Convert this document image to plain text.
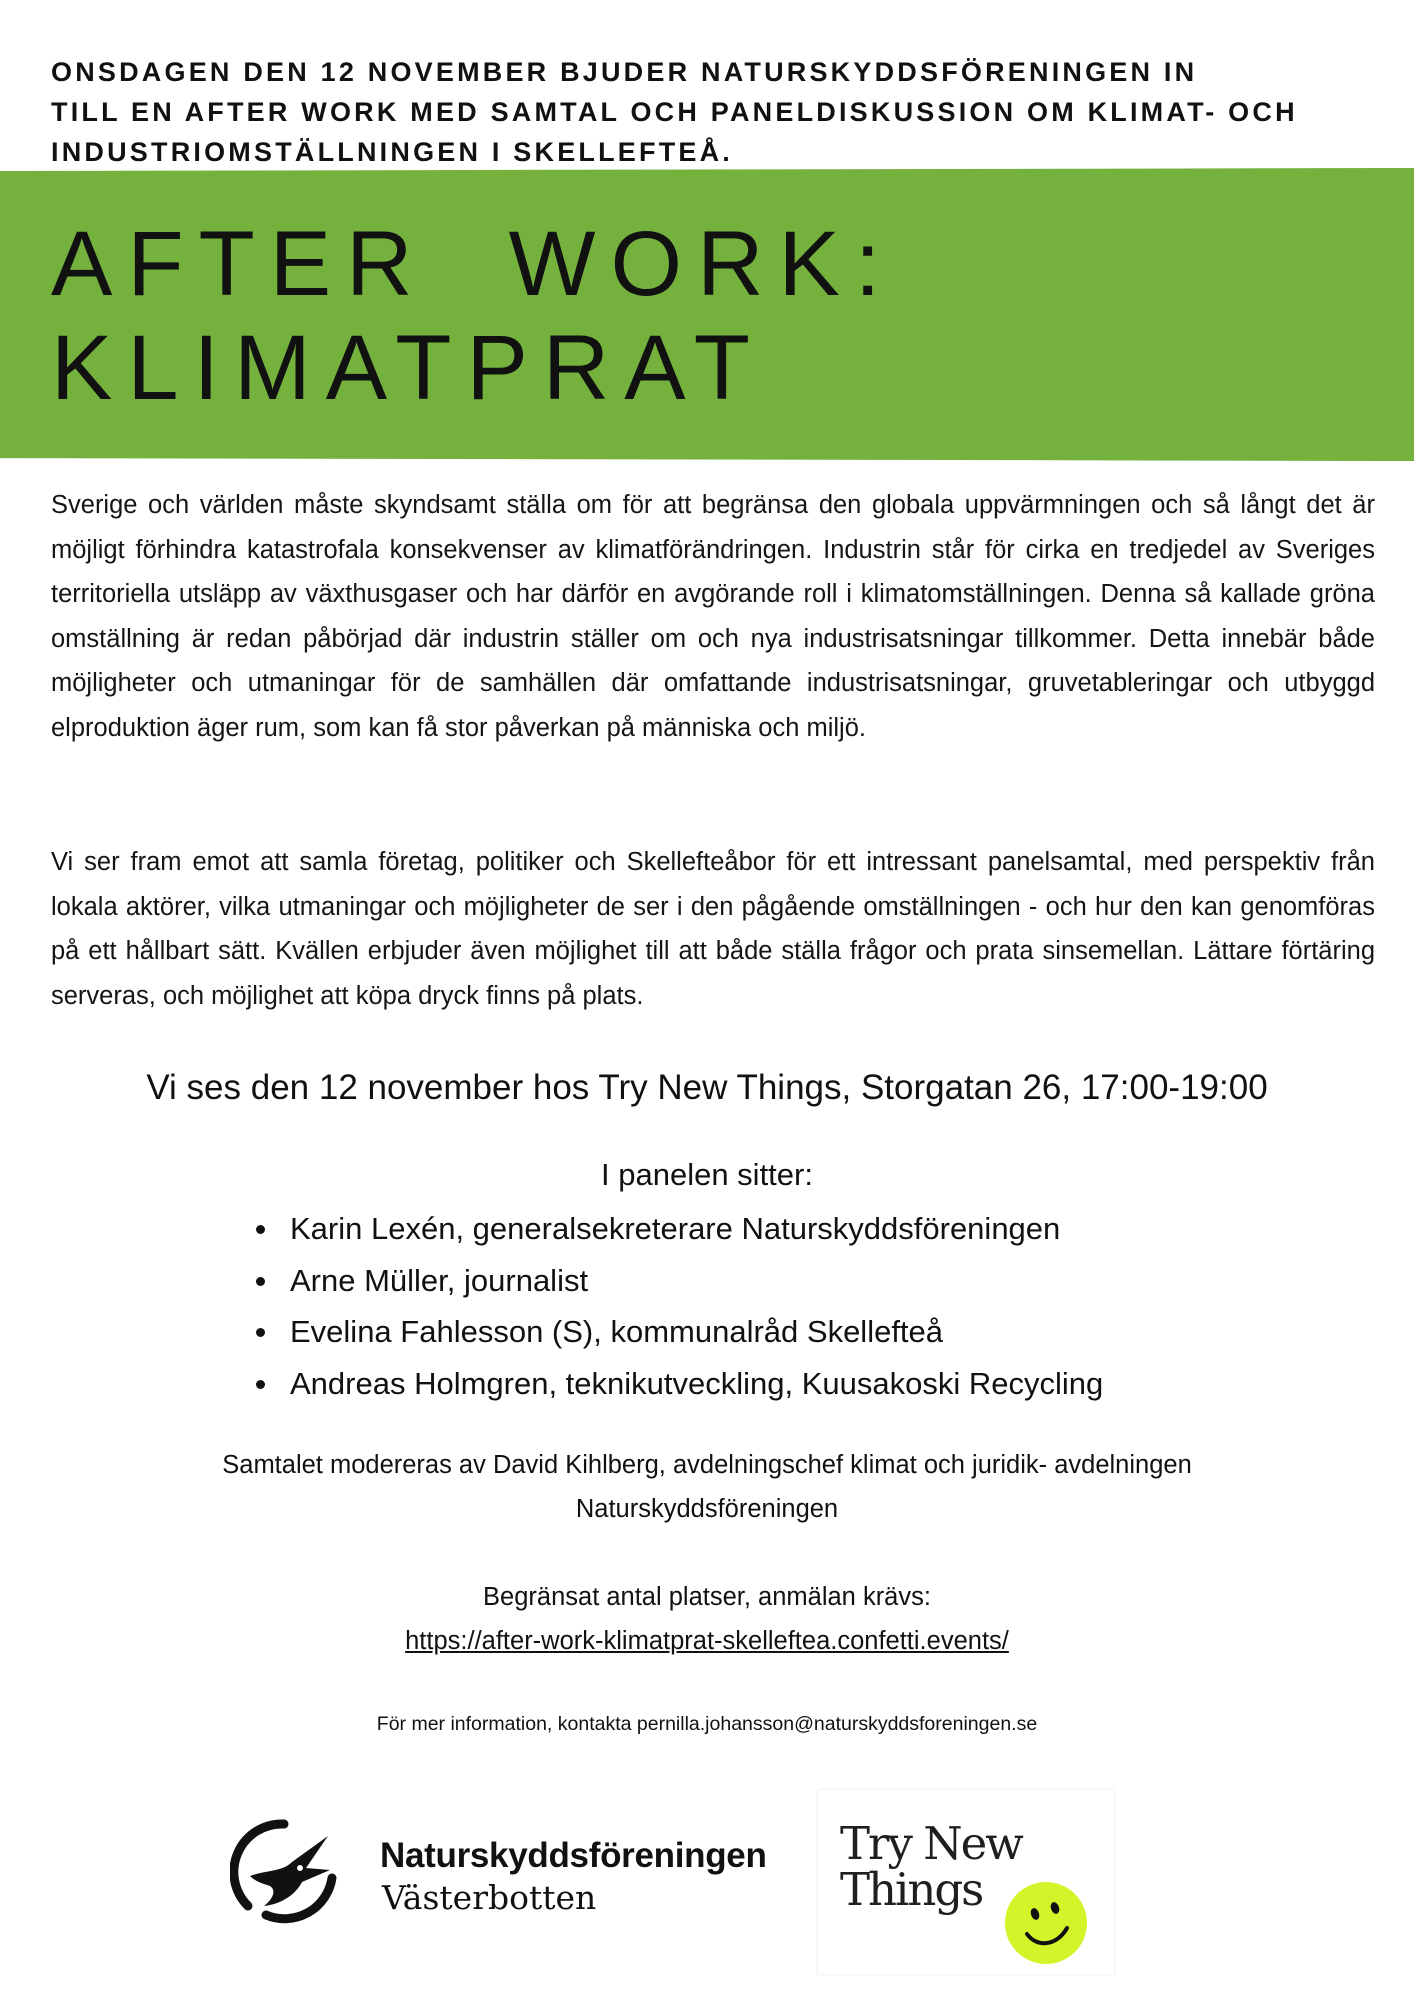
ONSDAGEN DEN 12 NOVEMBER BJUDER NATURSKYDDSFÖRENINGEN IN
TILL EN AFTER WORK MED SAMTAL OCH PANELDISKUSSION OM KLIMAT- OCH
INDUSTRIOMSTÄLLNINGEN I SKELLEFTEÅ.
AFTER  WORK:
KLIMATPRAT

Sverige och världen måste skyndsamt ställa om för att begränsa den globala uppvärmningen och så långt det är möjligt förhindra katastrofala konsekvenser av klimatförändringen. Industrin står för cirka en tredjedel av Sveriges territoriella utsläpp av växthusgaser och har därför en avgörande roll i klimatomställningen. Denna så kallade gröna omställning är redan påbörjad där industrin ställer om och nya industrisatsningar tillkommer. Detta innebär både möjligheter och utmaningar för de samhällen där omfattande industrisatsningar, gruvetableringar och utbyggd elproduktion äger rum, som kan få stor påverkan på människa och miljö.

Vi ser fram emot att samla företag, politiker och Skellefteåbor för ett intressant panelsamtal, med perspektiv från lokala aktörer, vilka utmaningar och möjligheter de ser i den pågående omställningen - och hur den kan genomföras på ett hållbart sätt. Kvällen erbjuder även möjlighet till att både ställa frågor och prata sinsemellan. Lättare förtäring serveras, och möjlighet att köpa dryck finns på plats.

Vi ses den 12 november hos Try New Things, Storgatan 26, 17:00-19:00
I panelen sitter:
Karin Lexén, generalsekreterare Naturskyddsföreningen
Arne Müller, journalist
Evelina Fahlesson (S), kommunalråd Skellefteå
Andreas Holmgren, teknikutveckling, Kuusakoski Recycling
Samtalet modereras av David Kihlberg, avdelningschef klimat och juridik- avdelningen
Naturskyddsföreningen
Begränsat antal platser, anmälan krävs:
https://after-work-klimatprat-skelleftea.confetti.events/
För mer information, kontakta pernilla.johansson@naturskyddsforeningen.se
Naturskyddsföreningen
Västerbotten
Try New
Things
